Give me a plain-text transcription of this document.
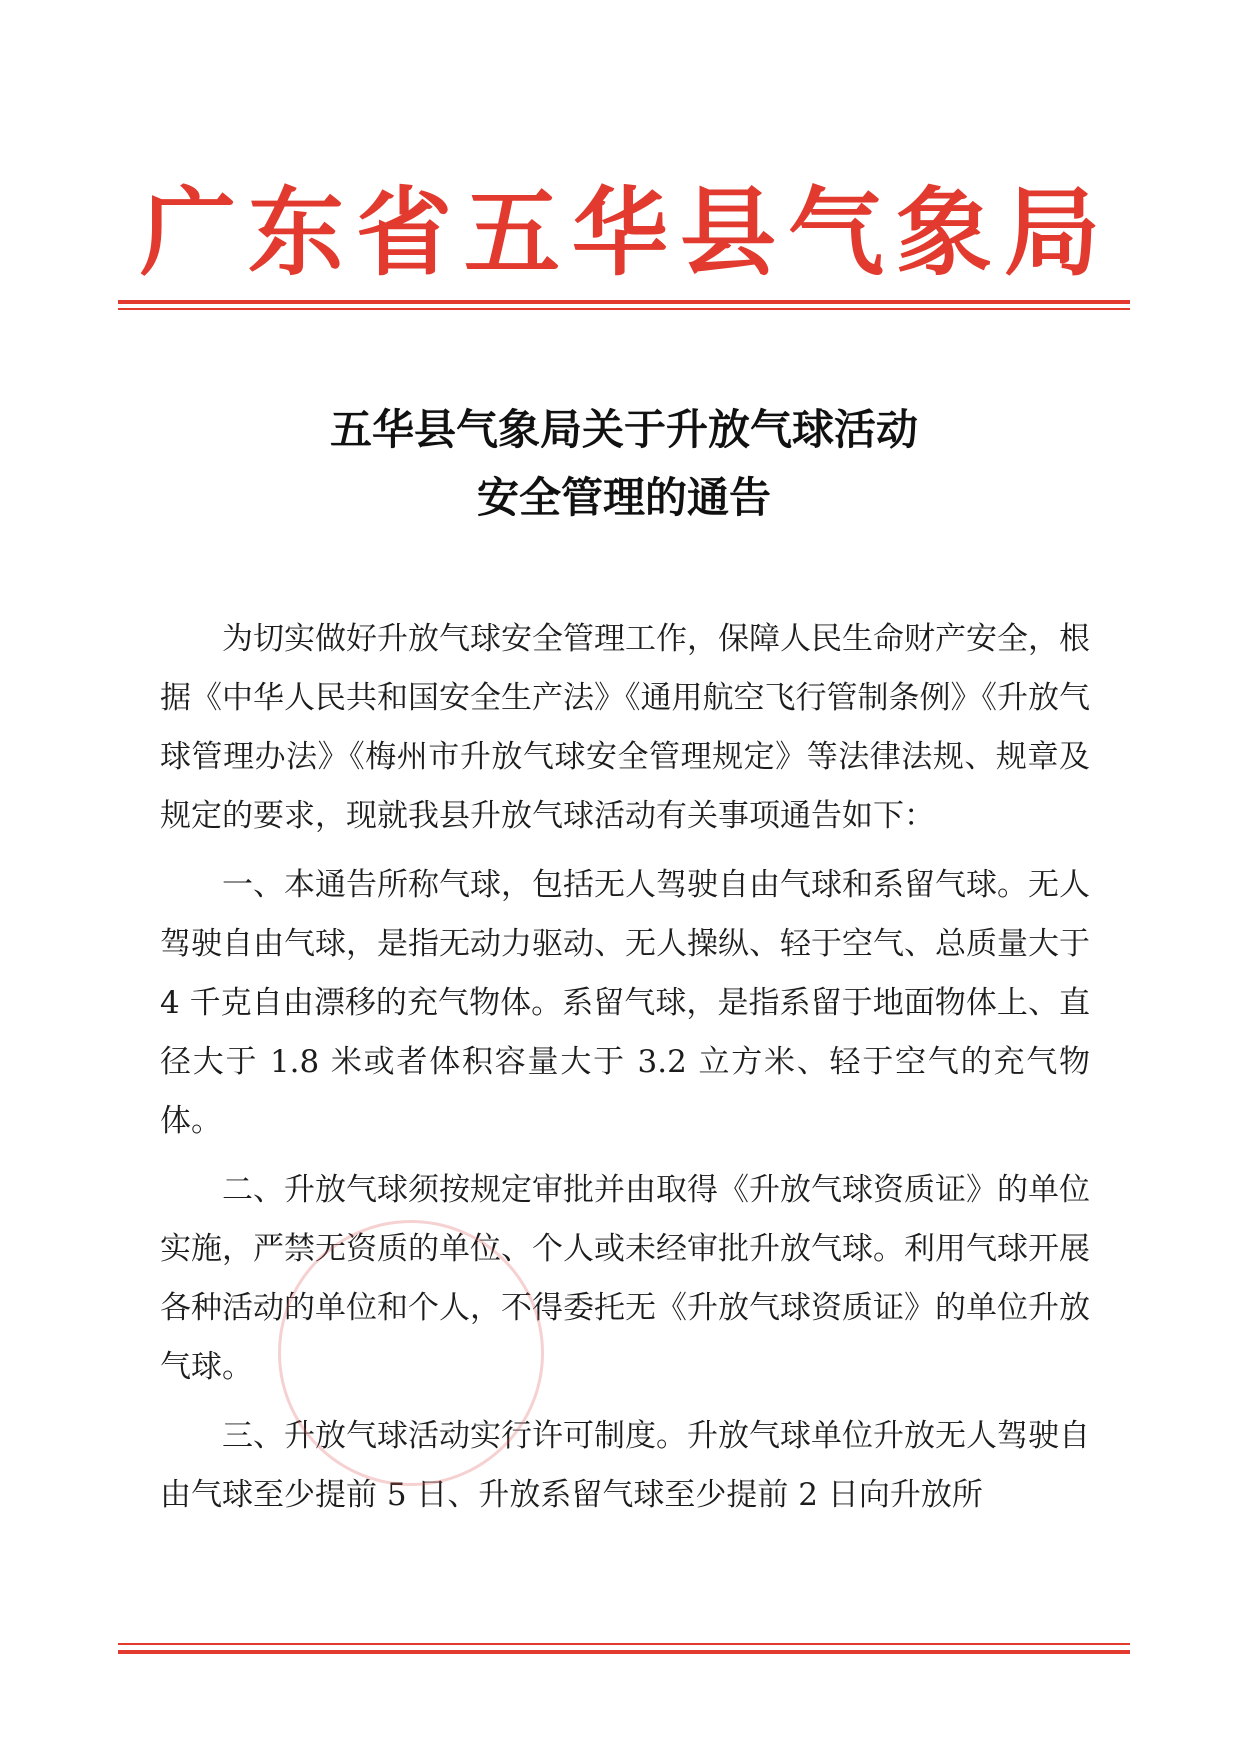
广 东 省 五 华 县 气 象 局
五华县气象局关于升放气球活动
安全管理的通告

为切实做好升放气球安全管理工作，保障人民生命财产安全，根据《中华人民共和国安全生产法》《通用航空飞行管制条例》《升放气球管理办法》《梅州市升放气球安全管理规定》等法律法规、规章及规定的要求，现就我县升放气球活动有关事项通告如下：

一、本通告所称气球，包括无人驾驶自由气球和系留气球。无人驾驶自由气球，是指无动力驱动、无人操纵、轻于空气、总质量大于 4 千克自由漂移的充气物体。系留气球，是指系留于地面物体上、直径大于 1.8 米或者体积容量大于 3.2 立方米、轻于空气的充气物体。

二、升放气球须按规定审批并由取得《升放气球资质证》的单位实施，严禁无资质的单位、个人或未经审批升放气球。利用气球开展各种活动的单位和个人，不得委托无《升放气球资质证》的单位升放气球。

三、升放气球活动实行许可制度。升放气球单位升放无人驾驶自由气球至少提前 5 日、升放系留气球至少提前 2 日向升放所
